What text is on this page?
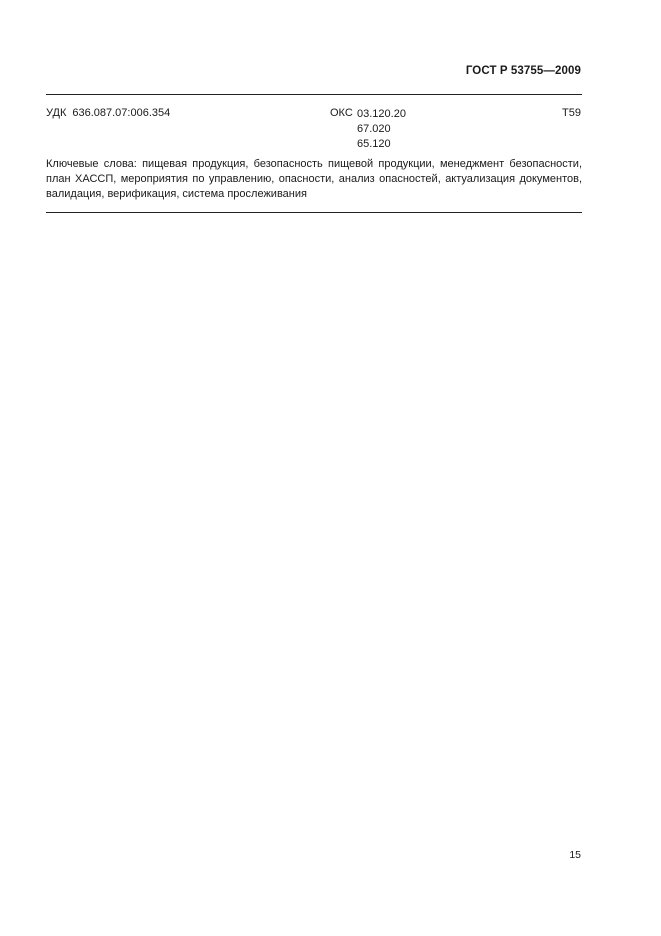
ГОСТ Р 53755—2009
УДК 636.087.07:006.354	ОКС 03.120.20
67.020
65.120
Т59
Ключевые слова: пищевая продукция, безопасность пищевой продукции, менеджмент безопасности, план ХАССП, мероприятия по управлению, опасности, анализ опасностей, актуализация документов, валидация, верификация, система прослеживания
15
